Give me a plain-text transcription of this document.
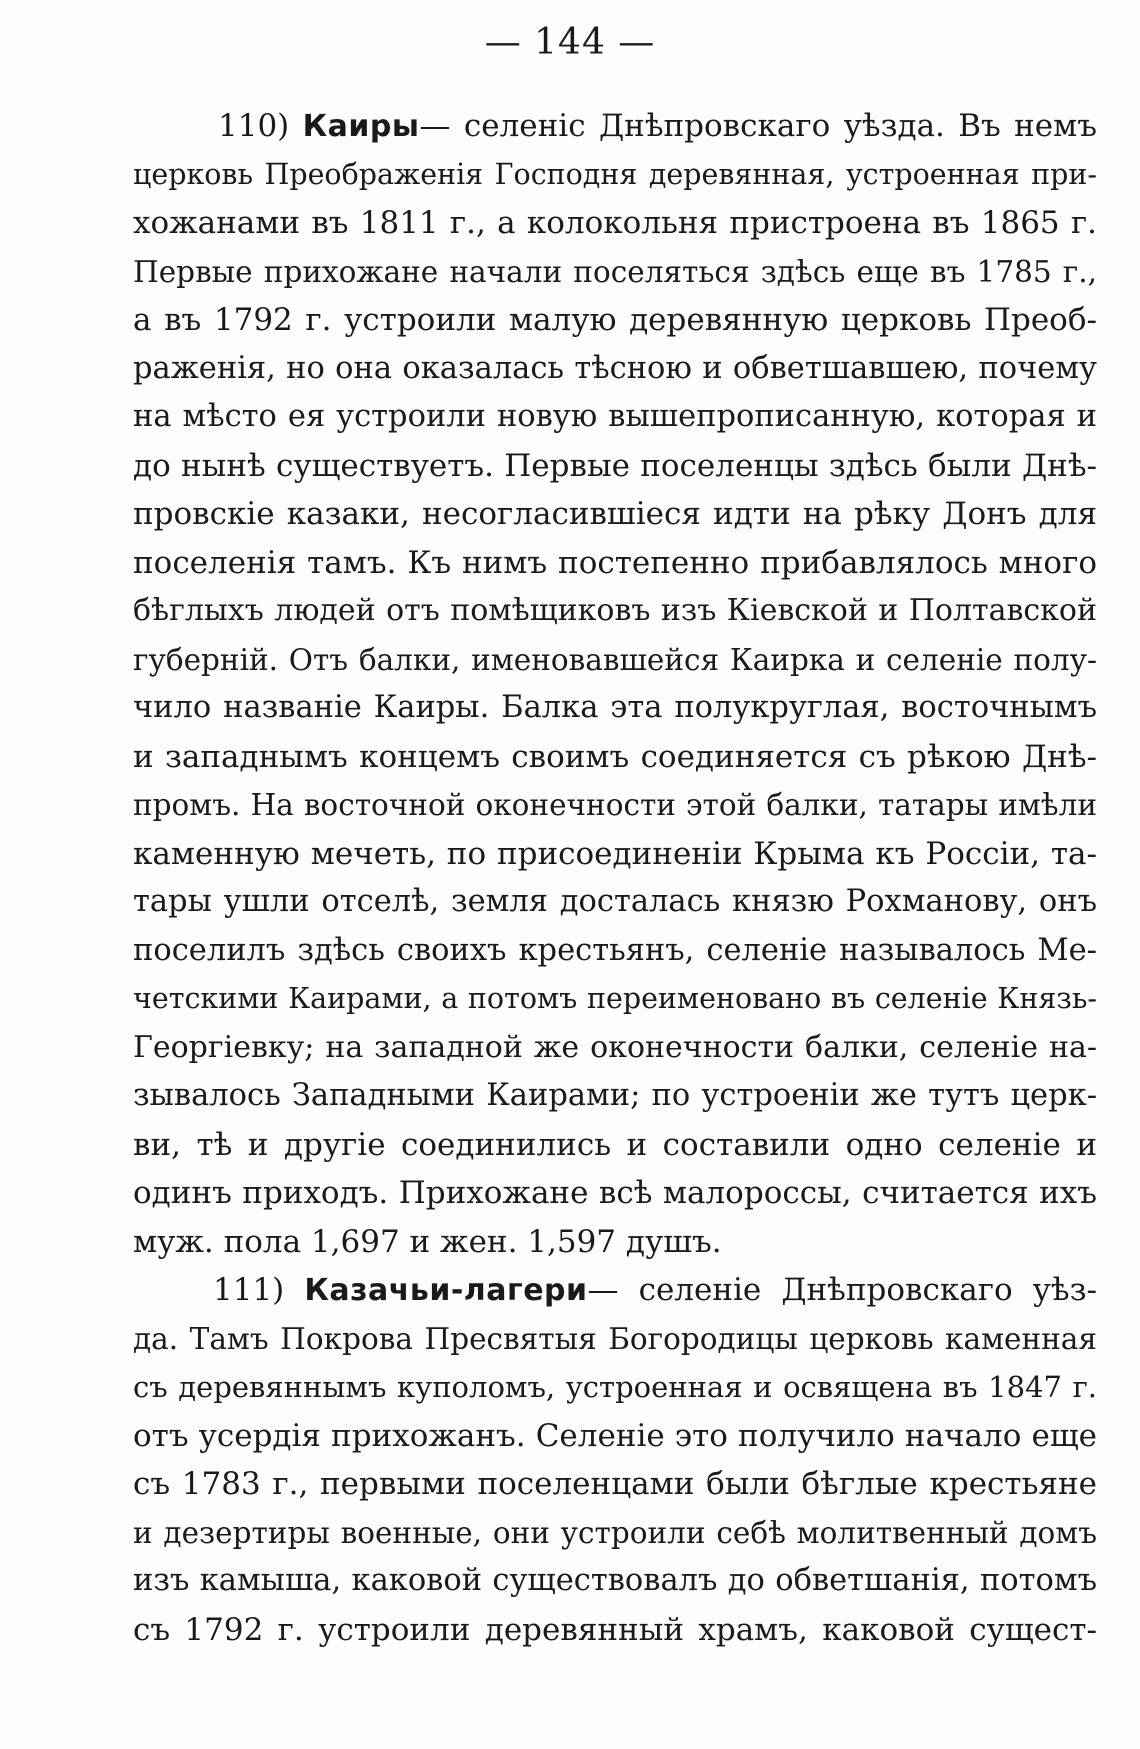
— 144 —
110) Каиры— селеніс Днѣпровскаго уѣзда. Въ немъ
церковь Преображенія Господня деревянная, устроенная при-
хожанами въ 1811 г., а колокольня пристроена въ 1865 г.
Первые прихожане начали поселяться здѣсь еще въ 1785 г.,
а въ 1792 г. устроили малую деревянную церковь Преоб-
раженія, но она оказалась тѣсною и обветшавшею, почему
на мѣсто ея устроили новую вышепрописанную, которая и
до нынѣ существуетъ. Первые поселенцы здѣсь были Днѣ-
провскіе казаки, несогласившіеся идти на рѣку Донъ для
поселенія тамъ. Къ нимъ постепенно прибавлялось много
бѣглыхъ людей отъ помѣщиковъ изъ Кіевской и Полтавской
губерній. Отъ балки, именовавшейся Каирка и селеніе полу-
чило названіе Каиры. Балка эта полукруглая, восточнымъ
и западнымъ концемъ своимъ соединяется съ рѣкою Днѣ-
промъ. На восточной оконечности этой балки, татары имѣли
каменную мечеть, по присоединеніи Крыма къ Россіи, та-
тары ушли отселѣ, земля досталась князю Рохманову, онъ
поселилъ здѣсь своихъ крестьянъ, селеніе называлось Ме-
четскими Каирами, а потомъ переименовано въ селеніе Князь-
Георгіевку; на западной же оконечности балки, селеніе на-
зывалось Западными Каирами; по устроеніи же тутъ церк-
ви, тѣ и другіе соединились и составили одно селеніе и
одинъ приходъ. Прихожане всѣ малороссы, считается ихъ
муж. пола 1,697 и жен. 1,597 душъ.
111) Казачьи-лагери— селеніе Днѣпровскаго уѣз-
да. Тамъ Покрова Пресвятыя Богородицы церковь каменная
съ деревяннымъ куполомъ, устроенная и освящена въ 1847 г.
отъ усердія прихожанъ. Селеніе это получило начало еще
съ 1783 г., первыми поселенцами были бѣглые крестьяне
и дезертиры военные, они устроили себѣ молитвенный домъ
изъ камыша, каковой существовалъ до обветшанія, потомъ
съ 1792 г. устроили деревянный храмъ, каковой сущест-
